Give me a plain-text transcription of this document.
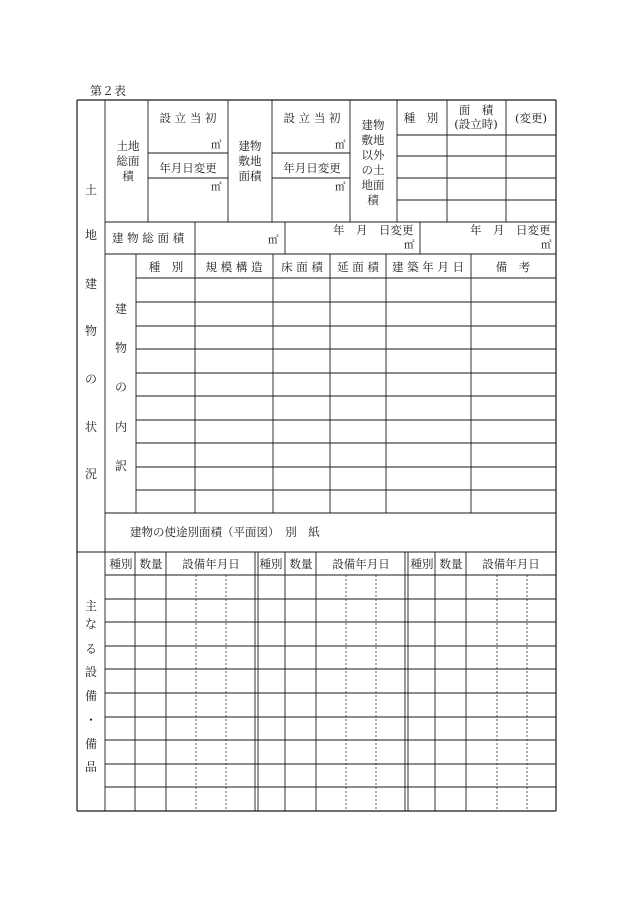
第２表
土
地
建
物
の
状
況
土地
総面
積
設 立 当 初
㎡
年月日変更
㎡
建物
敷地
面積
設 立 当 初
㎡
年月日変更
㎡
建物
敷地
以外
の土
地面
積
種　別
面　積
(設立時) (変更)
建 物 総 面 積	㎡
年　月　日変更
㎡
年　月　日変更
㎡
建
物
の
内
訳
種　別 規 模 構 造 床 面 積 延 面 積 建 築 年 月 日	備　考
建物の使途別面積（平面図）　別　紙
主
な
る
設
備
・
備
品
種別 数量 設備年月日 種別 数量 設備年月日 種別 数量 設備年月日
